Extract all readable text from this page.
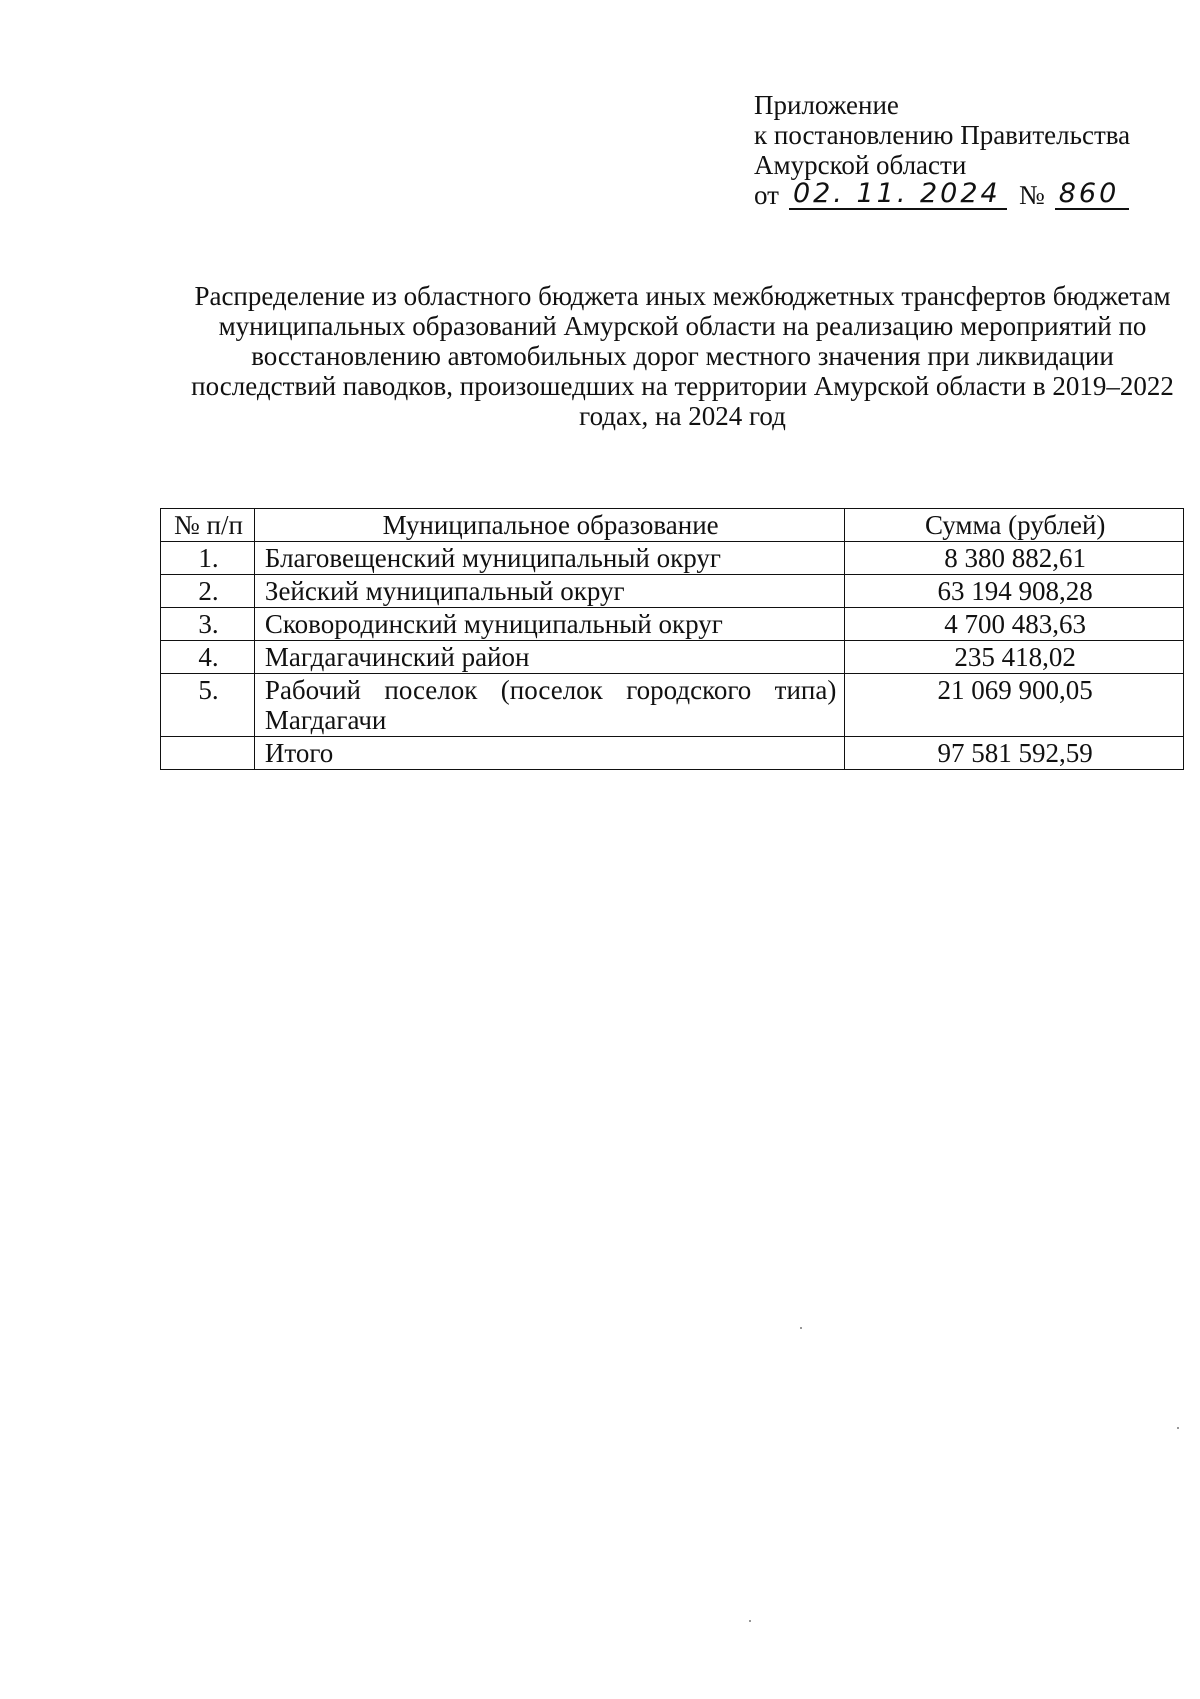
Приложение
к постановлению Правительства
Амурской области
от 02. 11. 2024 № 860
Распределение из областного бюджета иных межбюджетных трансфертов бюджетам муниципальных образований Амурской области на реализацию мероприятий по восстановлению автомобильных дорог местного значения при ликвидации последствий паводков, произошедших на территории Амурской области в 2019–2022 годах, на 2024 год
№ п/п	Муниципальное образование	Сумма (рублей)
1.	Благовещенский муниципальный округ	8 380 882,61
2.	Зейский муниципальный округ	63 194 908,28
3.	Сковородинский муниципальный округ	4 700 483,63
4.	Магдагачинский район	235 418,02
5.	Рабочий поселок (поселок городского типа) Магдагачи	21 069 900,05
	Итого	97 581 592,59
